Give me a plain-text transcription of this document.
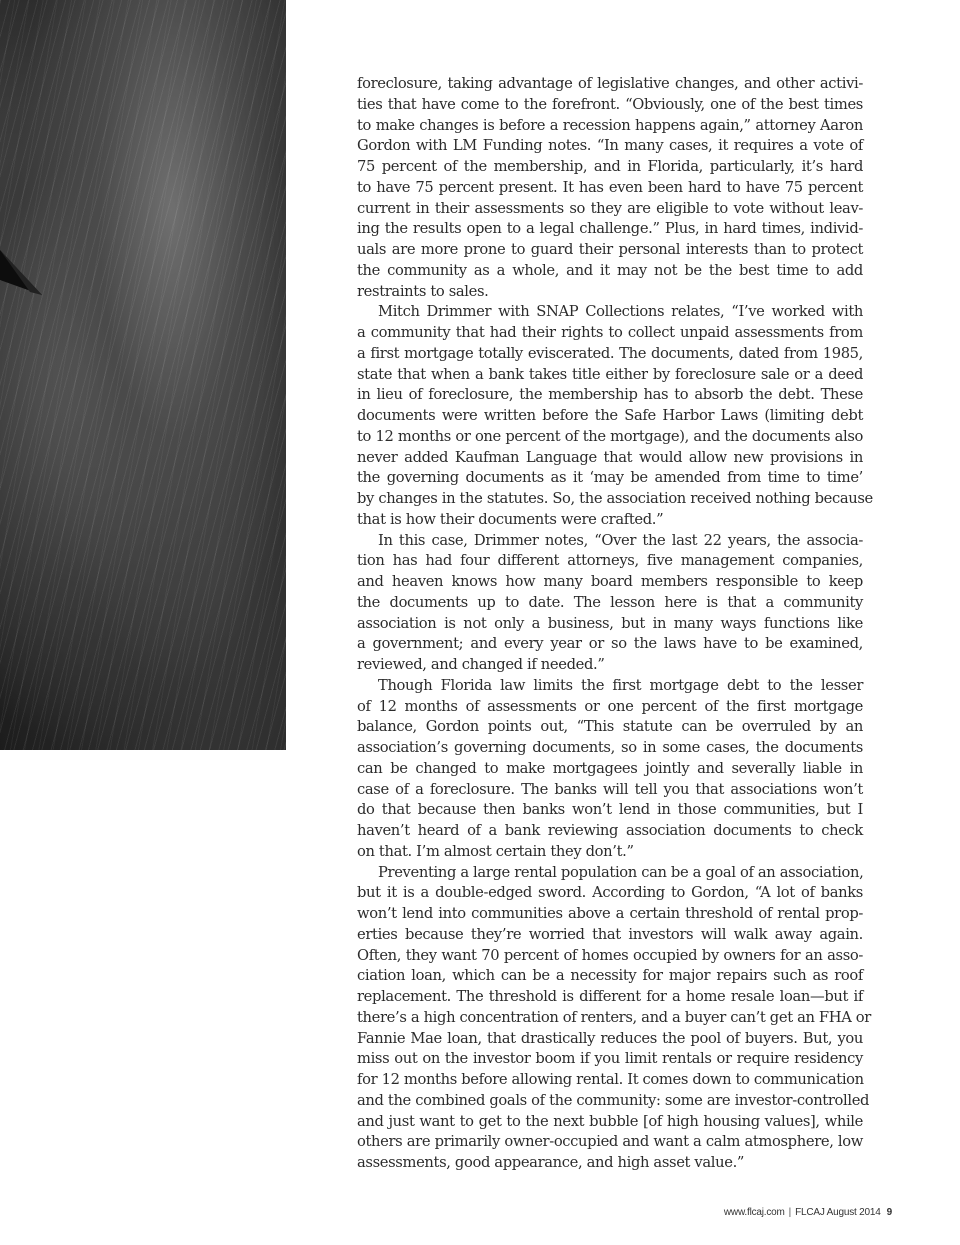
foreclosure, taking advantage of legislative changes, and other activi-
ties that have come to the forefront. “Obviously, one of the best times
to make changes is before a recession happens again,” attorney Aaron
Gordon with LM Funding notes. “In many cases, it requires a vote of
75 percent of the membership, and in Florida, particularly, it’s hard
to have 75 percent present. It has even been hard to have 75 percent
current in their assessments so they are eligible to vote without leav-
ing the results open to a legal challenge.” Plus, in hard times, individ-
uals are more prone to guard their personal interests than to protect
the community as a whole, and it may not be the best time to add
restraints to sales.
Mitch Drimmer with SNAP Collections relates, “I’ve worked with
a community that had their rights to collect unpaid assessments from
a first mortgage totally eviscerated. The documents, dated from 1985,
state that when a bank takes title either by foreclosure sale or a deed
in lieu of foreclosure, the membership has to absorb the debt. These
documents were written before the Safe Harbor Laws (limiting debt
to 12 months or one percent of the mortgage), and the documents also
never added Kaufman Language that would allow new provisions in
the governing documents as it ‘may be amended from time to time’
by changes in the statutes. So, the association received nothing because
that is how their documents were crafted.”
In this case, Drimmer notes, “Over the last 22 years, the associa-
tion has had four different attorneys, five management companies,
and heaven knows how many board members responsible to keep
the documents up to date. The lesson here is that a community
association is not only a business, but in many ways functions like
a government; and every year or so the laws have to be examined,
reviewed, and changed if needed.”
Though Florida law limits the first mortgage debt to the lesser
of 12 months of assessments or one percent of the first mortgage
balance, Gordon points out, “This statute can be overruled by an
association’s governing documents, so in some cases, the documents
can be changed to make mortgagees jointly and severally liable in
case of a foreclosure. The banks will tell you that associations won’t
do that because then banks won’t lend in those communities, but I
haven’t heard of a bank reviewing association documents to check
on that. I’m almost certain they don’t.”
Preventing a large rental population can be a goal of an association,
but it is a double-edged sword. According to Gordon, “A lot of banks
won’t lend into communities above a certain threshold of rental prop-
erties because they’re worried that investors will walk away again.
Often, they want 70 percent of homes occupied by owners for an asso-
ciation loan, which can be a necessity for major repairs such as roof
replacement. The threshold is different for a home resale loan—but if
there’s a high concentration of renters, and a buyer can’t get an FHA or
Fannie Mae loan, that drastically reduces the pool of buyers. But, you
miss out on the investor boom if you limit rentals or require residency
for 12 months before allowing rental. It comes down to communication
and the combined goals of the community: some are investor-controlled
and just want to get to the next bubble [of high housing values], while
others are primarily owner-occupied and want a calm atmosphere, low
assessments, good appearance, and high asset value.”
www.flcaj.com | FLCAJ August 2014 9
